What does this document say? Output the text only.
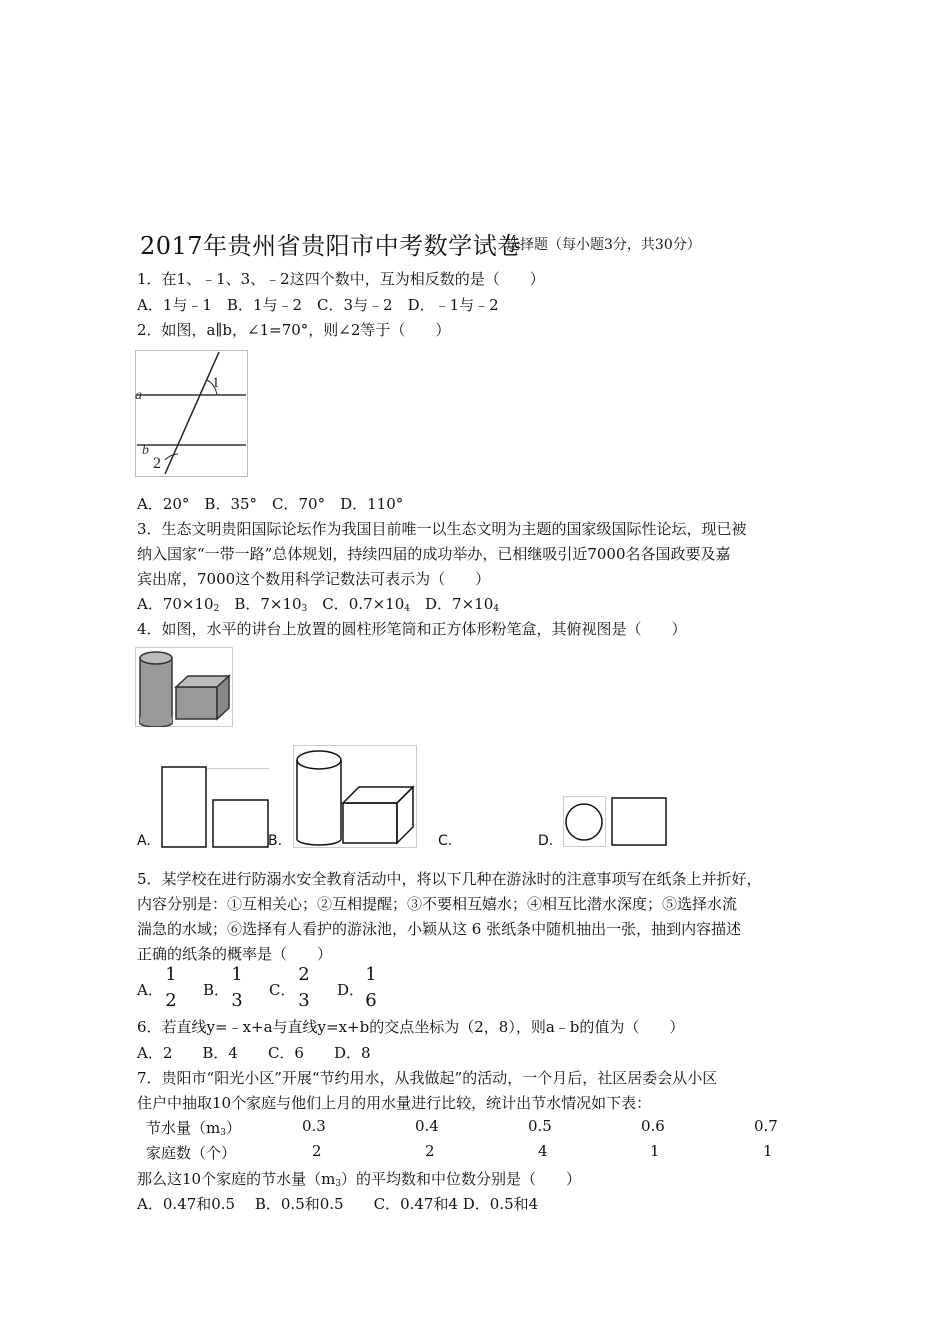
2017年贵州省贵阳市中考数学试卷
一、选择题（每小题3分，共30分）
1．在1、﹣1、3、﹣2这四个数中，互为相反数的是（　　）
A．1与﹣1　B．1与﹣2　C．3与﹣2　D．﹣1与﹣2
2．如图，a∥b，∠1=70°，则∠2等于（　　）
a
b
1
2
A．20°　B．35°　C．70°　D．110°
3．生态文明贵阳国际论坛作为我国目前唯一以生态文明为主题的国家级国际性论坛，现已被
纳入国家“一带一路”总体规划，持续四届的成功举办，已相继吸引近7000名各国政要及嘉
宾出席，7000这个数用科学记数法可表示为（　　）
A．70×102　B．7×103　C．0.7×104　D．7×104
4．如图，水平的讲台上放置的圆柱形笔筒和正方体形粉笔盒，其俯视图是（　　）
A.	B.	C.	D.
5．某学校在进行防溺水安全教育活动中，将以下几种在游泳时的注意事项写在纸条上并折好，
内容分别是：①互相关心；②互相提醒；③不要相互嬉水；④相互比潜水深度；⑤选择水流
湍急的水域；⑥选择有人看护的游泳池，小颖从这 6 张纸条中随机抽出一张，抽到内容描述
正确的纸条的概率是（　　）
A．
1
2 B．
1
3 C．
2
3 D．
1
6
6．若直线y=﹣x+a与直线y=x+b的交点坐标为（2，8），则a﹣b的值为（　　）
A．2　　B．4　　C．6　　D．8
7．贵阳市“阳光小区”开展“节约用水，从我做起”的活动，一个月后，社区居委会从小区
住户中抽取10个家庭与他们上月的用水量进行比较，统计出节水情况如下表：
节水量（m3）	0.3	0.4	0.5	0.6	0.7
家庭数（个）	2	2	4	1	1
那么这10个家庭的节水量（m3）的平均数和中位数分别是（　　）
A．0.47和0.5　 B．0.5和0.5　　C．0.47和4 D．0.5和4
